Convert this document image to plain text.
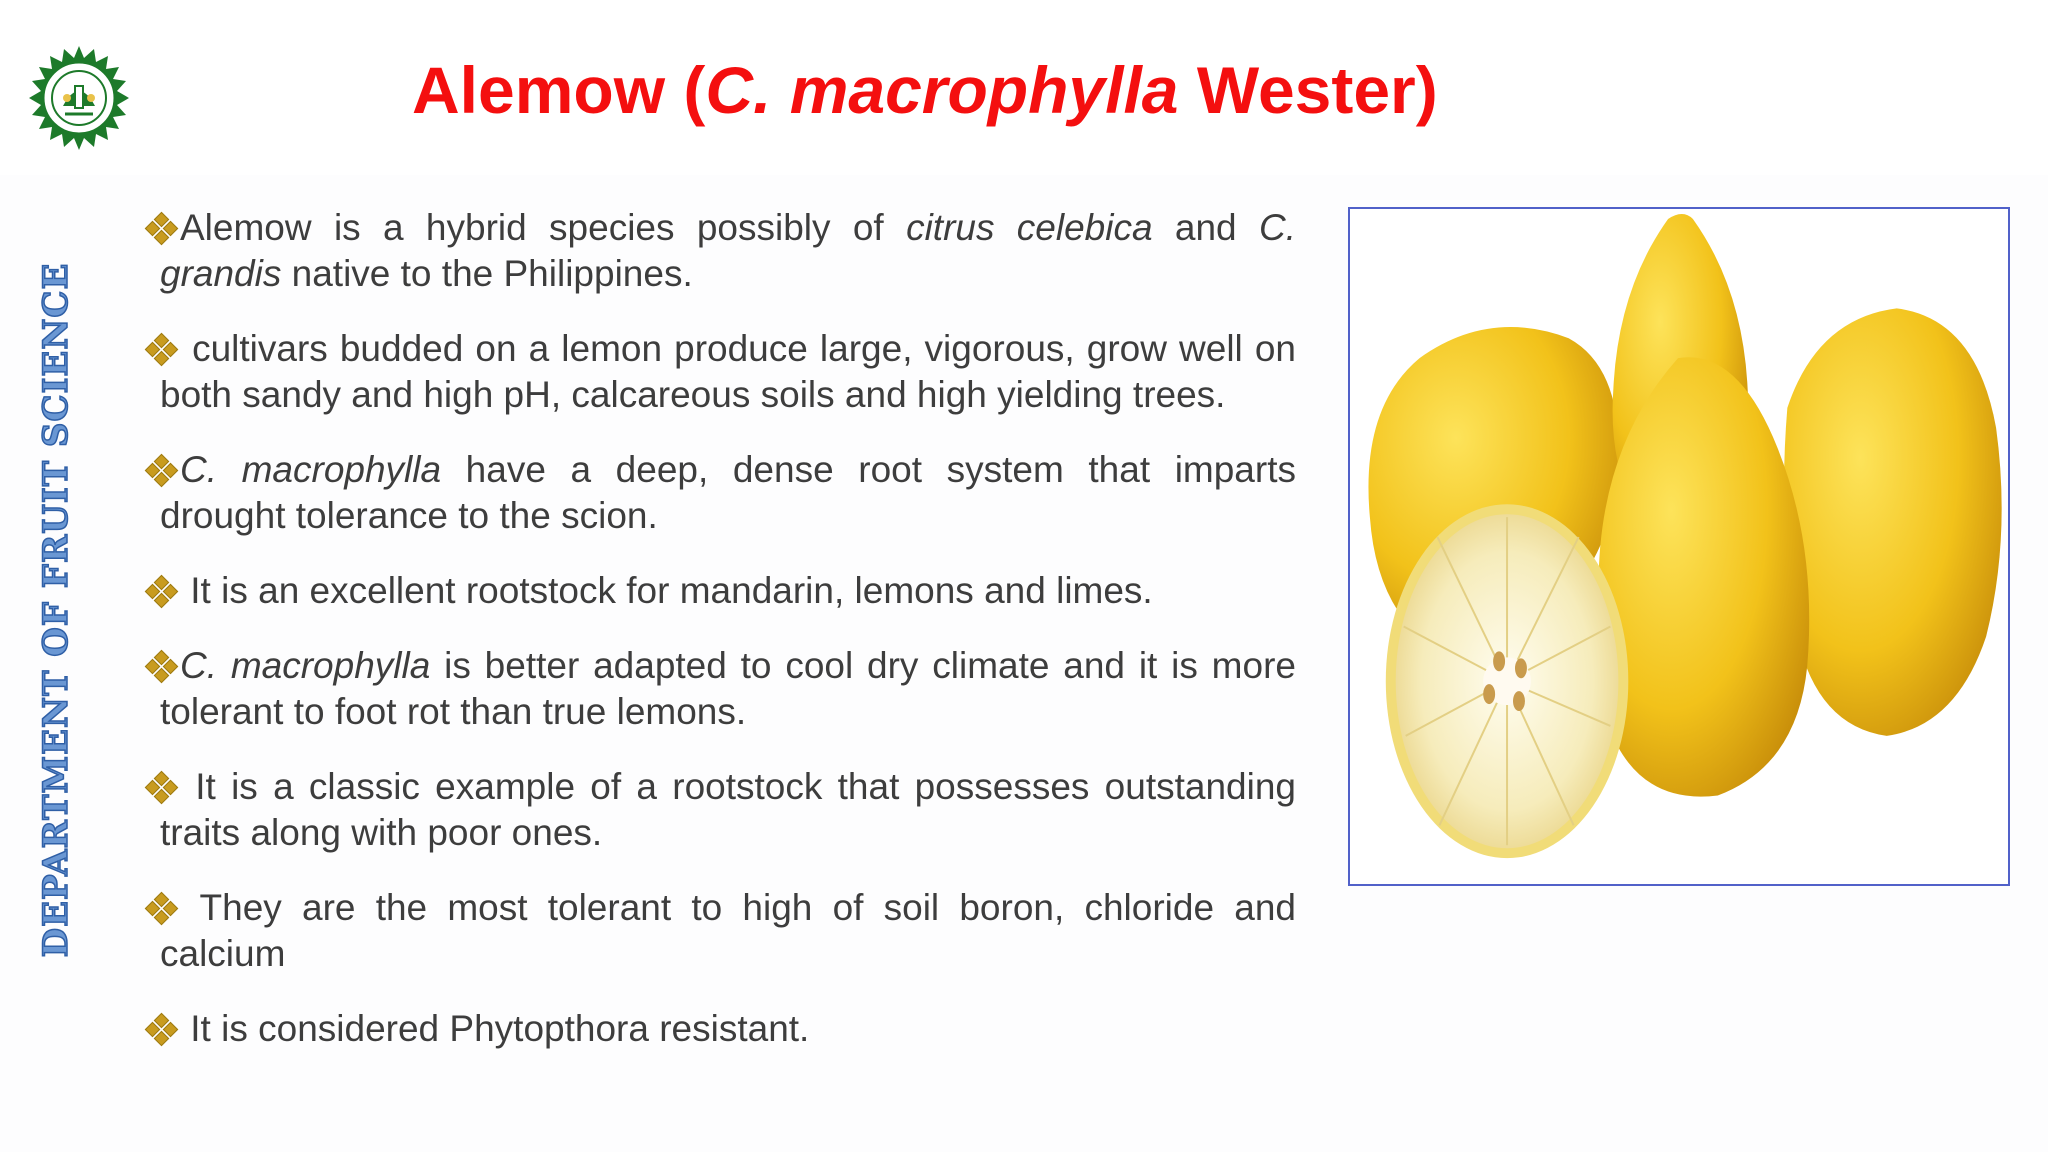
DEPARTMENT OF FRUIT SCIENCE
Alemow (C. macrophylla Wester)

Alemow is a hybrid species possibly of citrus celebica and C. grandis native to the Philippines.

cultivars budded on a lemon produce large, vigorous, grow well on both sandy and high pH, calcareous soils and high yielding trees.

C. macrophylla have a deep, dense root system that imparts drought tolerance to the scion.

It is an excellent rootstock for mandarin, lemons and limes.

C. macrophylla is better adapted to cool dry climate and it is more tolerant to foot rot than true lemons.

It is a classic example of a rootstock that possesses outstanding traits along with poor ones.

They are the most tolerant to high of soil boron, chloride and calcium

It is considered Phytopthora resistant.
